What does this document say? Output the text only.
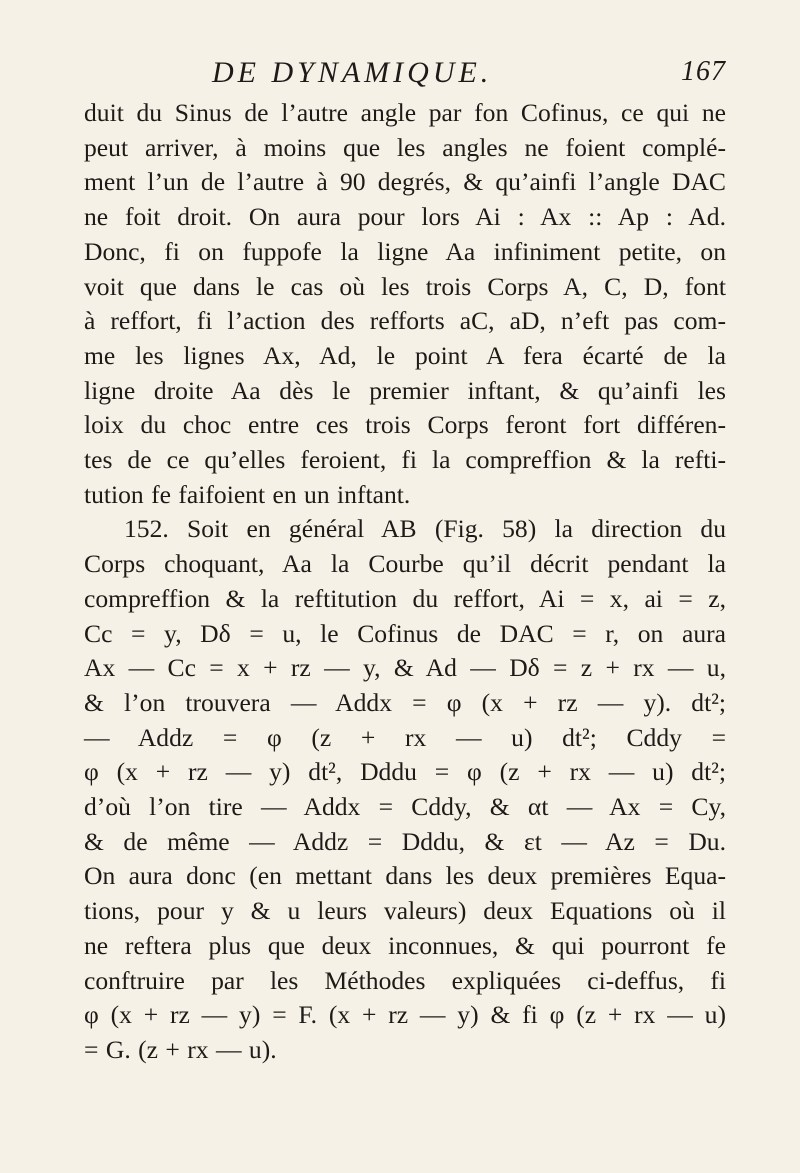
DE DYNAMIQUE.	167
duit du Sinus de l’autre angle par fon Cofinus, ce qui ne
peut arriver, à moins que les angles ne foient complé-
ment l’un de l’autre à 90 degrés, & qu’ainfi l’angle DAC
ne foit droit. On aura pour lors Ai : Ax :: Ap : Ad.
Donc, fi on fuppofe la ligne Aa infiniment petite, on
voit que dans le cas où les trois Corps A, C, D, font
à reffort, fi l’action des refforts aC, aD, n’eft pas com-
me les lignes Ax, Ad, le point A fera écarté de la
ligne droite Aa dès le premier inftant, & qu’ainfi les
loix du choc entre ces trois Corps feront fort différen-
tes de ce qu’elles feroient, fi la compreffion & la refti-
tution fe faifoient en un inftant.
152. Soit en général AB (Fig. 58) la direction du
Corps choquant, Aa la Courbe qu’il décrit pendant la
compreffion & la reftitution du reffort, Ai = x, ai = z,
Cc = y, Dδ = u, le Cofinus de DAC = r, on aura
Ax — Cc = x + rz — y, & Ad — Dδ = z + rx — u,
& l’on trouvera — Addx = φ (x + rz — y). dt²;
— Addz = φ (z + rx — u) dt²; Cddy =
φ (x + rz — y) dt², Dddu = φ (z + rx — u) dt²;
d’où l’on tire — Addx = Cddy, & αt — Ax = Cy,
& de même — Addz = Dddu, & εt — Az = Du.
On aura donc (en mettant dans les deux premières Equa-
tions, pour y & u leurs valeurs) deux Equations où il
ne reftera plus que deux inconnues, & qui pourront fe
conftruire par les Méthodes expliquées ci-deffus, fi
φ (x + rz — y) = F. (x + rz — y) & fi φ (z + rx — u)
= G. (z + rx — u).
